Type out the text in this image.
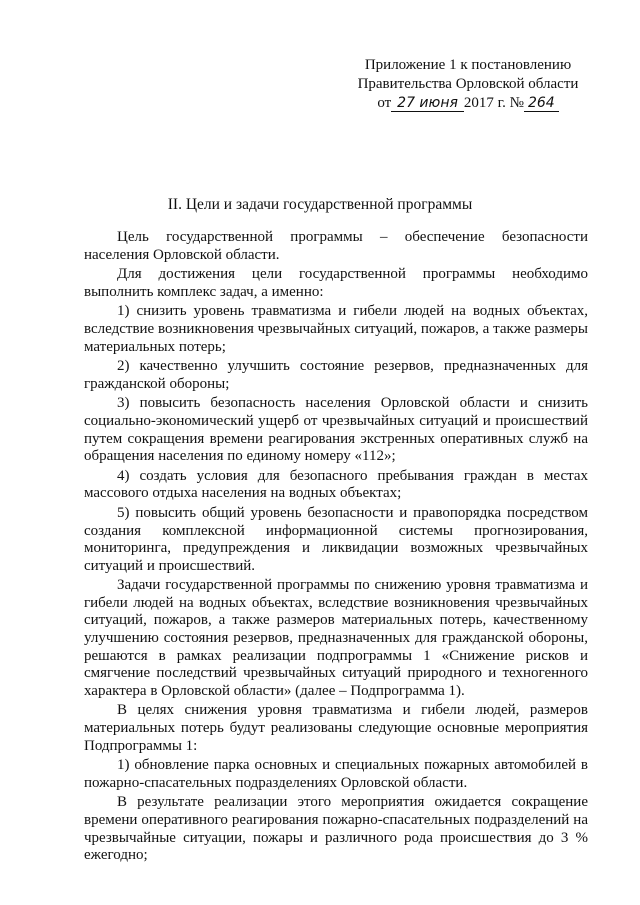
Приложение 1 к постановлению
Правительства Орловской области
от 27 июня 2017 г. № 264
II. Цели и задачи государственной программы

Цель государственной программы – обеспечение безопасности населения Орловской области.

Для достижения цели государственной программы необходимо выполнить комплекс задач, а именно:

1) снизить уровень травматизма и гибели людей на водных объектах, вследствие возникновения чрезвычайных ситуаций, пожаров, а также размеры материальных потерь;

2) качественно улучшить состояние резервов, предназначенных для гражданской обороны;

3) повысить безопасность населения Орловской области и снизить социально-экономический ущерб от чрезвычайных ситуаций и происшествий путем сокращения времени реагирования экстренных оперативных служб на обращения населения по единому номеру «112»;

4) создать условия для безопасного пребывания граждан в местах массового отдыха населения на водных объектах;

5) повысить общий уровень безопасности и правопорядка посредством создания комплексной информационной системы прогнозирования, мониторинга, предупреждения и ликвидации возможных чрезвычайных ситуаций и происшествий.

Задачи государственной программы по снижению уровня травматизма и гибели людей на водных объектах, вследствие возникновения чрезвычайных ситуаций, пожаров, а также размеров материальных потерь, качественному улучшению состояния резервов, предназначенных для гражданской обороны, решаются в рамках реализации подпрограммы 1 «Снижение рисков и смягчение последствий чрезвычайных ситуаций природного и техногенного характера в Орловской области» (далее – Подпрограмма 1).

В целях снижения уровня травматизма и гибели людей, размеров материальных потерь будут реализованы следующие основные мероприятия Подпрограммы 1:

1) обновление парка основных и специальных пожарных автомобилей в пожарно-спасательных подразделениях Орловской области.

В результате реализации этого мероприятия ожидается сокращение времени оперативного реагирования пожарно-спасательных подразделений на чрезвычайные ситуации, пожары и различного рода происшествия до 3 % ежегодно;
